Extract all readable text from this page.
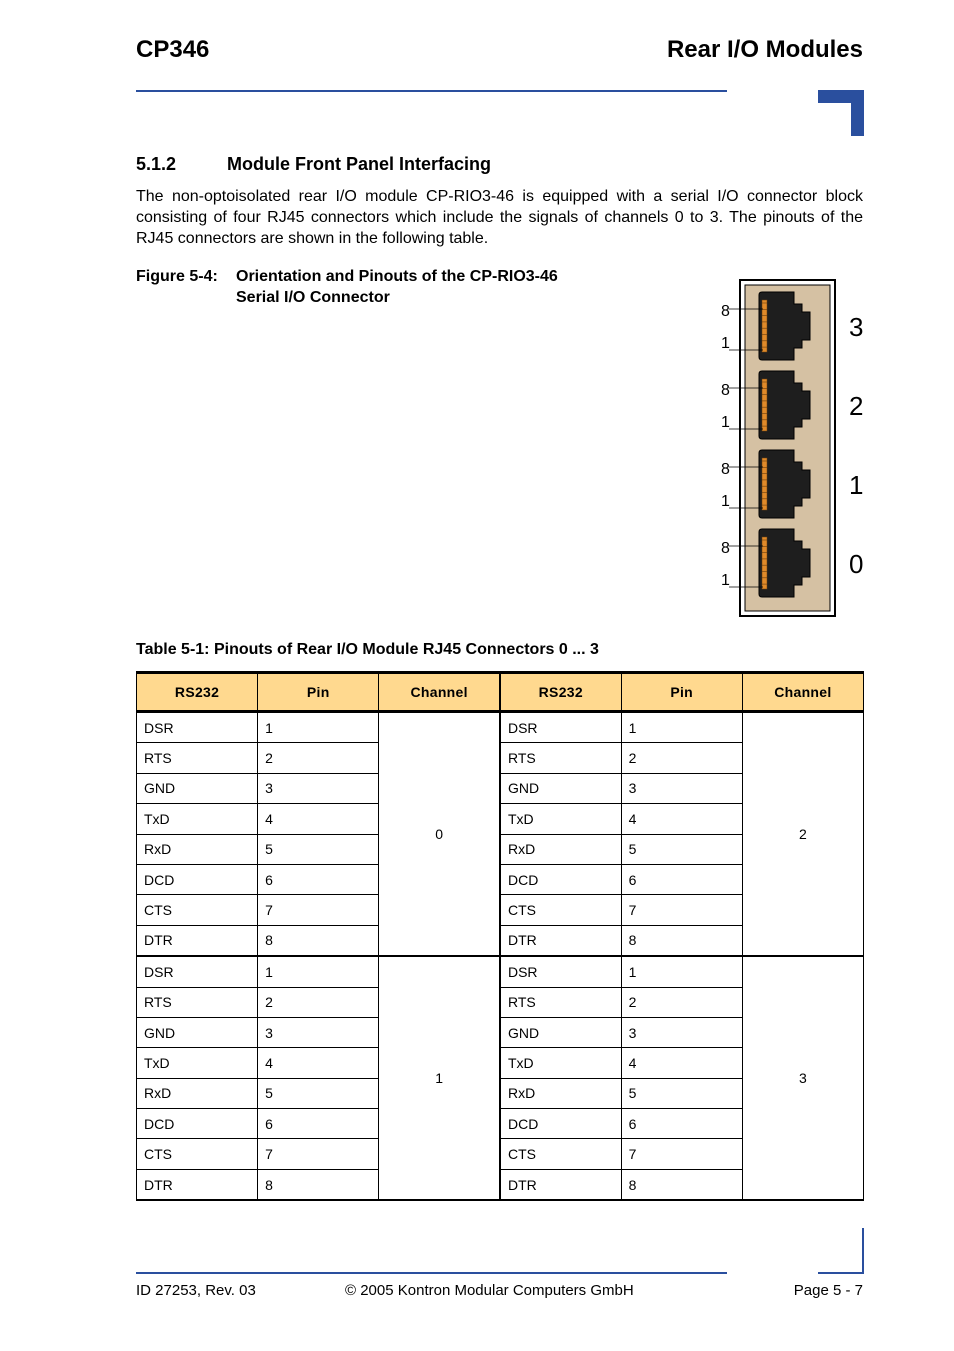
CP346	Rear I/O Modules
5.1.2	Module Front Panel Interfacing
The non-optoisolated rear I/O module CP-RIO3-46 is equipped with a serial I/O connector block consisting of four RJ45 connectors which include the signals of channels 0 to 3. The pinouts of the RJ45 connectors are shown in the following table.
Figure 5-4: Orientation and Pinouts of the CP-RIO3-46
Serial I/O Connector
8
1
3
8
1
2
8
1
1
8
1
0
Table 5-1: Pinouts of Rear I/O Module RJ45 Connectors 0 ... 3
RS232	Pin	Channel	RS232	Pin	Channel
DSR	1	0	DSR	1	2
RTS	2		RTS	2	
GND	3		GND	3	
TxD	4		TxD	4	
RxD	5		RxD	5	
DCD	6		DCD	6	
CTS	7		CTS	7	
DTR	8		DTR	8	
DSR	1	1	DSR	1	3
RTS	2		RTS	2	
GND	3		GND	3	
TxD	4		TxD	4	
RxD	5		RxD	5	
DCD	6		DCD	6	
CTS	7		CTS	7	
DTR	8		DTR	8	
ID 27253, Rev. 03	© 2005 Kontron Modular Computers GmbH	Page 5 - 7
